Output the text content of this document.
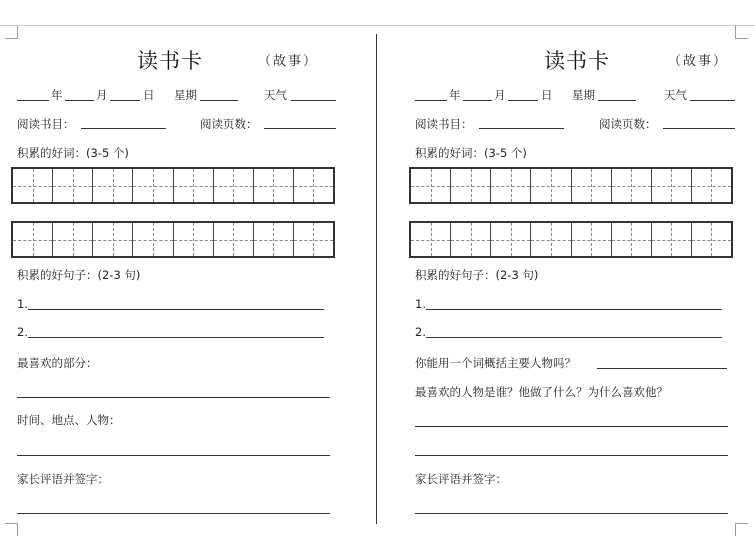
读书卡	（故事）
年	月	日 星期	天气
阅读书目：	阅读页数：
积累的好词：(3-5 个)
积累的好句子：(2-3 句)
1.
2.
最喜欢的部分：
时间、地点、人物：
家长评语并签字：
读书卡	（故事）
年	月	日 星期	天气
阅读书目：	阅读页数：
积累的好词：(3-5 个)
积累的好句子：(2-3 句)
1.
2.
你能用一个词概括主要人物吗？
最喜欢的人物是谁？他做了什么？为什么喜欢他？
家长评语并签字：
